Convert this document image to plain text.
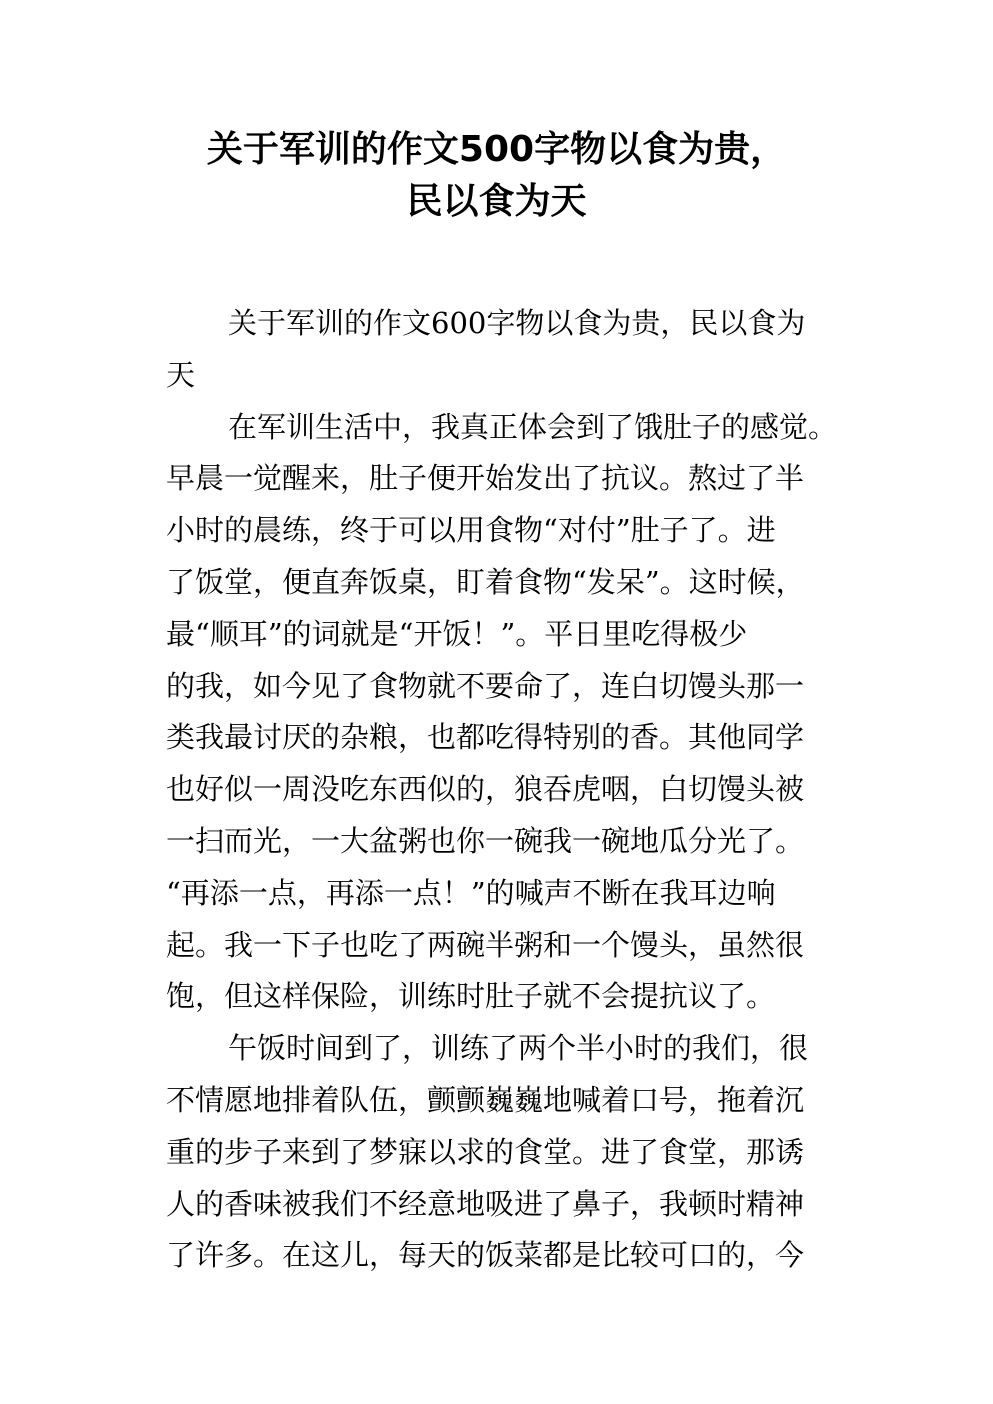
关于军训的作文500字物以食为贵，
民以食为天
关于军训的作文600字物以食为贵，民以食为
天
在军训生活中，我真正体会到了饿肚子的感觉。
早晨一觉醒来，肚子便开始发出了抗议。熬过了半
小时的晨练，终于可以用食物“对付”肚子了。进
了饭堂，便直奔饭桌，盯着食物“发呆”。这时候，
最“顺耳”的词就是“开饭！”。平日里吃得极少
的我，如今见了食物就不要命了，连白切馒头那一
类我最讨厌的杂粮，也都吃得特别的香。其他同学
也好似一周没吃东西似的，狼吞虎咽，白切馒头被
一扫而光，一大盆粥也你一碗我一碗地瓜分光了。
“再添一点，再添一点！”的喊声不断在我耳边响
起。我一下子也吃了两碗半粥和一个馒头，虽然很
饱，但这样保险，训练时肚子就不会提抗议了。
午饭时间到了，训练了两个半小时的我们，很
不情愿地排着队伍，颤颤巍巍地喊着口号，拖着沉
重的步子来到了梦寐以求的食堂。进了食堂，那诱
人的香味被我们不经意地吸进了鼻子，我顿时精神
了许多。在这儿，每天的饭菜都是比较可口的，今
